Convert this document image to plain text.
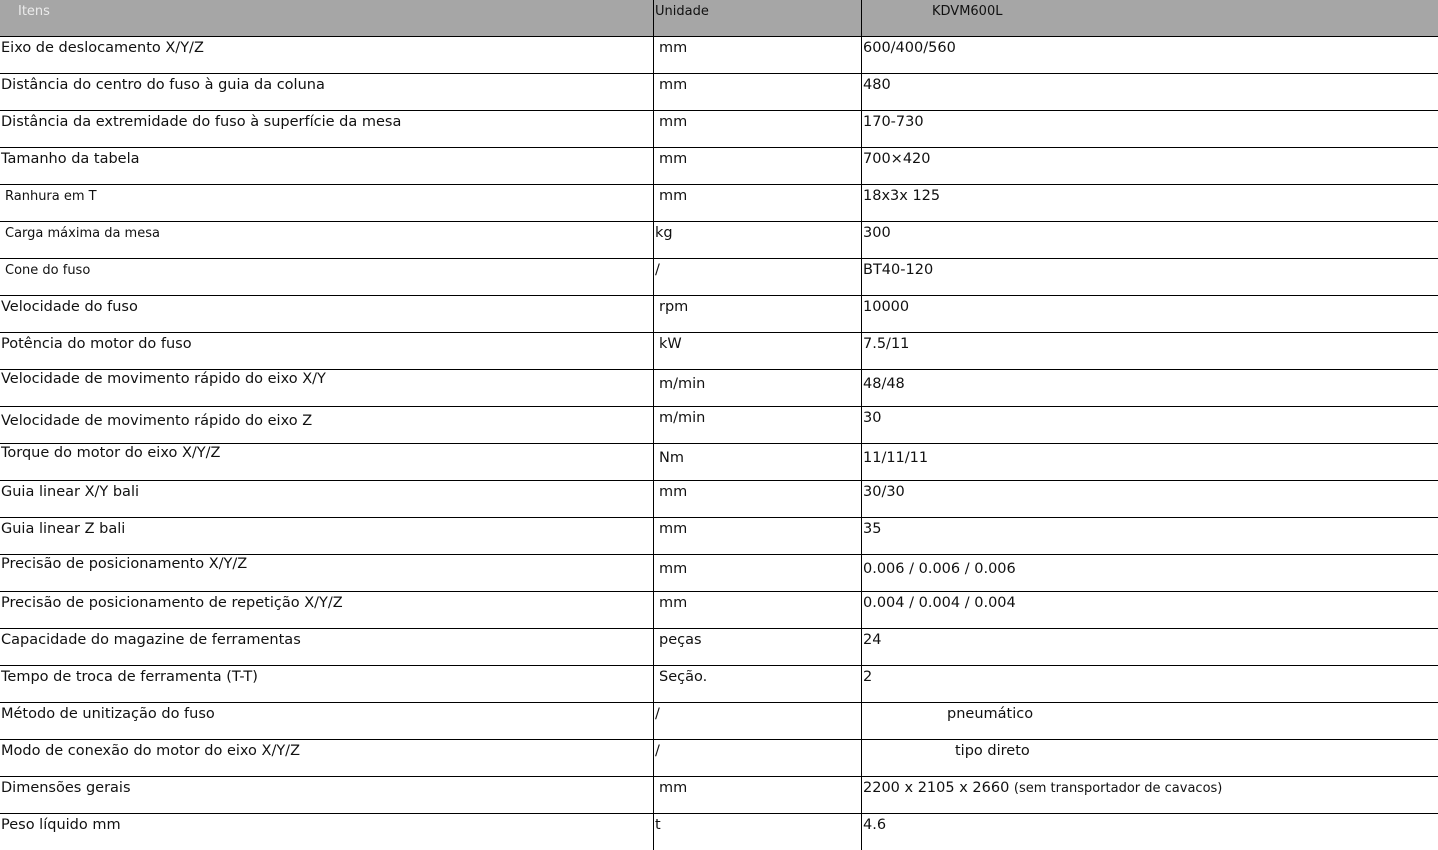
Itens	Unidade	KDVM600L
Eixo de deslocamento X/Y/Z	mm	600/400/560
Distância do centro do fuso à guia da coluna	mm	480
Distância da extremidade do fuso à superfície da mesa	mm	170-730
Tamanho da tabela	mm	700×420
Ranhura em T	mm	18x3x 125
Carga máxima da mesa	kg	300
Cone do fuso	/	BT40-120
Velocidade do fuso	rpm	10000
Potência do motor do fuso	kW	7.5/11
Velocidade de movimento rápido do eixo X/Y	m/min	48/48
Velocidade de movimento rápido do eixo Z	m/min	30
Torque do motor do eixo X/Y/Z	Nm	11/11/11
Guia linear X/Y bali	mm	30/30
Guia linear Z bali	mm	35
Precisão de posicionamento X/Y/Z	mm	0.006 / 0.006 / 0.006
Precisão de posicionamento de repetição X/Y/Z	mm	0.004 / 0.004 / 0.004
Capacidade do magazine de ferramentas	peças	24
Tempo de troca de ferramenta (T-T)	Seção.	2
Método de unitização do fuso	/	pneumático
Modo de conexão do motor do eixo X/Y/Z	/	tipo direto
Dimensões gerais	mm	2200 x 2105 x 2660 (sem transportador de cavacos)
Peso líquido mm	t	4.6
